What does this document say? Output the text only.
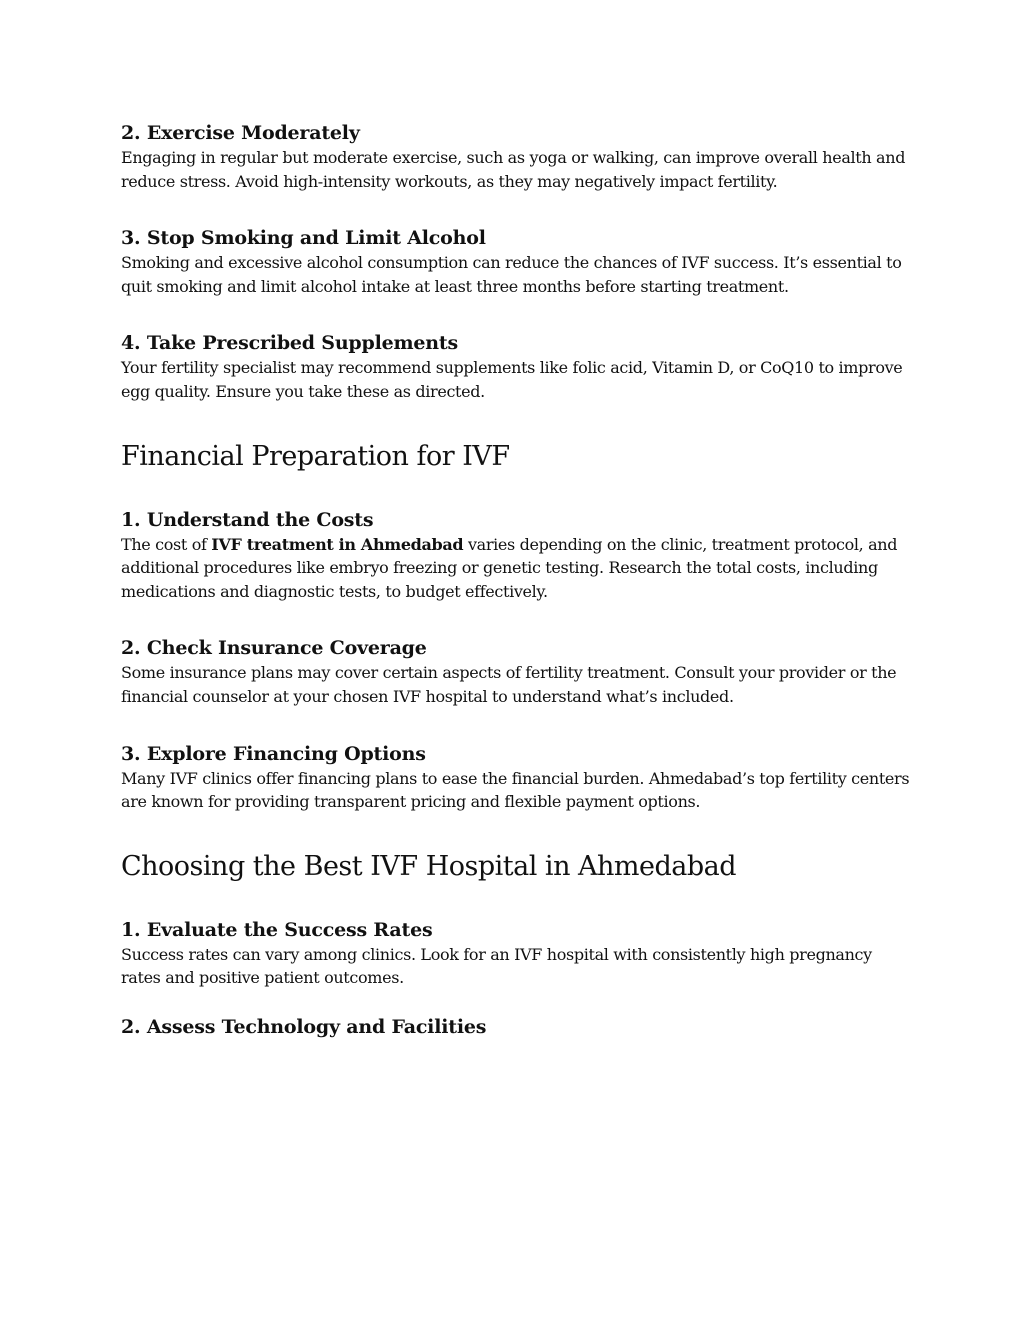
2. Exercise Moderately

Engaging in regular but moderate exercise, such as yoga or walking, can improve overall health and reduce stress. Avoid high-intensity workouts, as they may negatively impact fertility.

3. Stop Smoking and Limit Alcohol

Smoking and excessive alcohol consumption can reduce the chances of IVF success. It’s essential to quit smoking and limit alcohol intake at least three months before starting treatment.

4. Take Prescribed Supplements

Your fertility specialist may recommend supplements like folic acid, Vitamin D, or CoQ10 to improve egg quality. Ensure you take these as directed.

Financial Preparation for IVF
1. Understand the Costs

The cost of IVF treatment in Ahmedabad varies depending on the clinic, treatment protocol, and additional procedures like embryo freezing or genetic testing. Research the total costs, including medications and diagnostic tests, to budget effectively.

2. Check Insurance Coverage

Some insurance plans may cover certain aspects of fertility treatment. Consult your provider or the financial counselor at your chosen IVF hospital to understand what’s included.

3. Explore Financing Options

Many IVF clinics offer financing plans to ease the financial burden. Ahmedabad’s top fertility centers are known for providing transparent pricing and flexible payment options.

Choosing the Best IVF Hospital in Ahmedabad
1. Evaluate the Success Rates

Success rates can vary among clinics. Look for an IVF hospital with consistently high pregnancy rates and positive patient outcomes.

2. Assess Technology and Facilities
